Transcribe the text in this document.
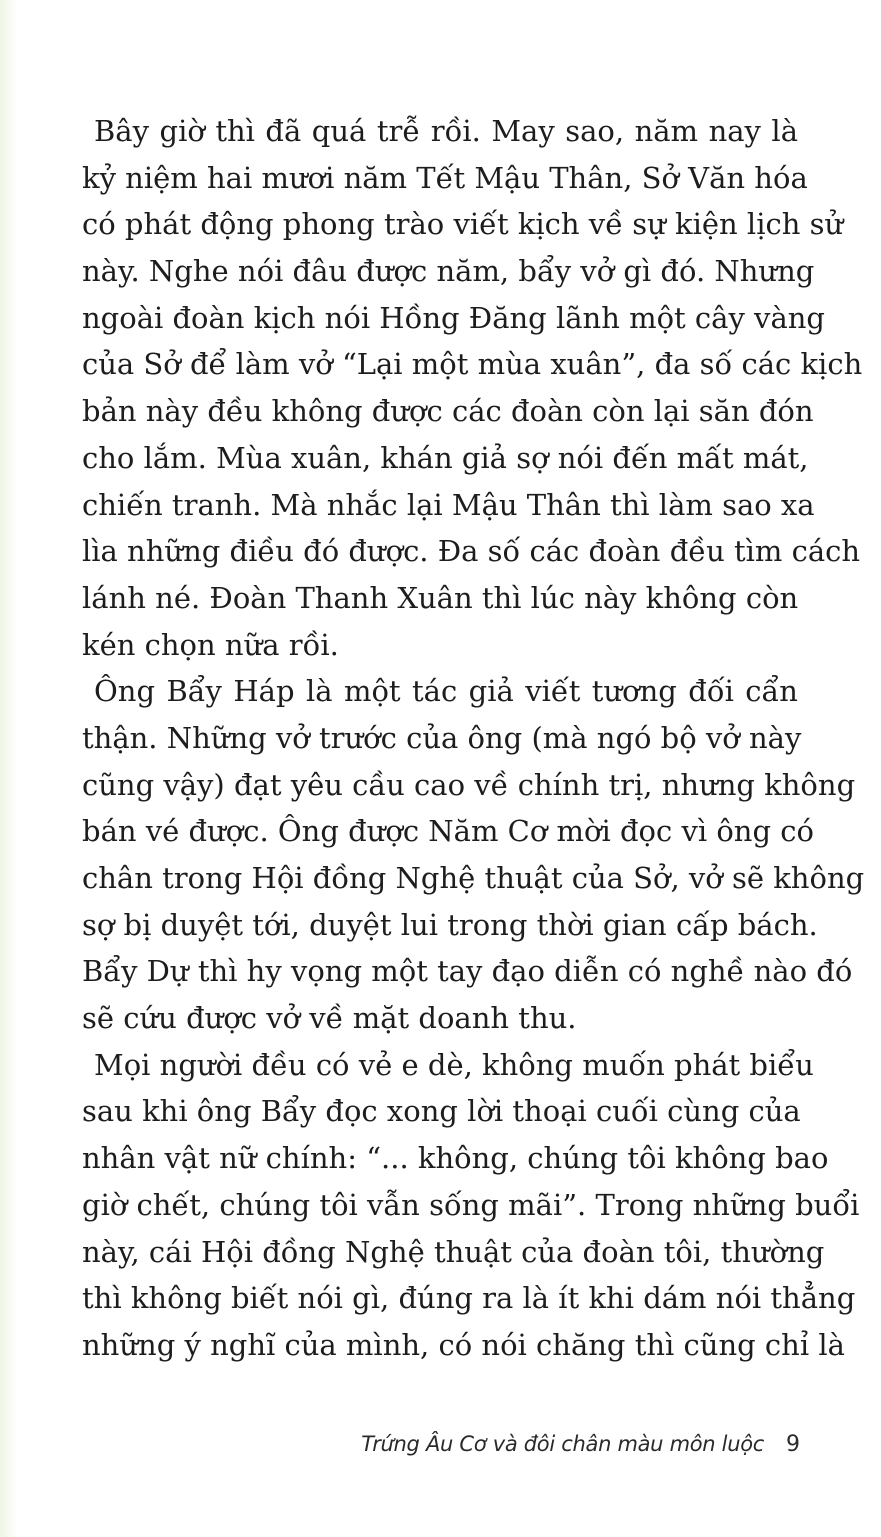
Bây giờ thì đã quá trễ rồi. May sao, năm nay là
kỷ niệm hai mươi năm Tết Mậu Thân, Sở Văn hóa
có phát động phong trào viết kịch về sự kiện lịch sử
này. Nghe nói đâu được năm, bẩy vở gì đó. Nhưng
ngoài đoàn kịch nói Hồng Đăng lãnh một cây vàng
của Sở để làm vở “Lại một mùa xuân”, đa số các kịch
bản này đều không được các đoàn còn lại săn đón
cho lắm. Mùa xuân, khán giả sợ nói đến mất mát,
chiến tranh. Mà nhắc lại Mậu Thân thì làm sao xa
lìa những điều đó được. Đa số các đoàn đều tìm cách
lánh né. Đoàn Thanh Xuân thì lúc này không còn
kén chọn nữa rồi.
Ông Bẩy Háp là một tác giả viết tương đối cẩn
thận. Những vở trước của ông (mà ngó bộ vở này
cũng vậy) đạt yêu cầu cao về chính trị, nhưng không
bán vé được. Ông được Năm Cơ mời đọc vì ông có
chân trong Hội đồng Nghệ thuật của Sở, vở sẽ không
sợ bị duyệt tới, duyệt lui trong thời gian cấp bách.
Bẩy Dự thì hy vọng một tay đạo diễn có nghề nào đó
sẽ cứu được vở về mặt doanh thu.
Mọi người đều có vẻ e dè, không muốn phát biểu
sau khi ông Bẩy đọc xong lời thoại cuối cùng của
nhân vật nữ chính: “... không, chúng tôi không bao
giờ chết, chúng tôi vẫn sống mãi”. Trong những buổi
này, cái Hội đồng Nghệ thuật của đoàn tôi, thường
thì không biết nói gì, đúng ra là ít khi dám nói thẳng
những ý nghĩ của mình, có nói chăng thì cũng chỉ là
Trứng Âu Cơ và đôi chân màu môn luộc 9
